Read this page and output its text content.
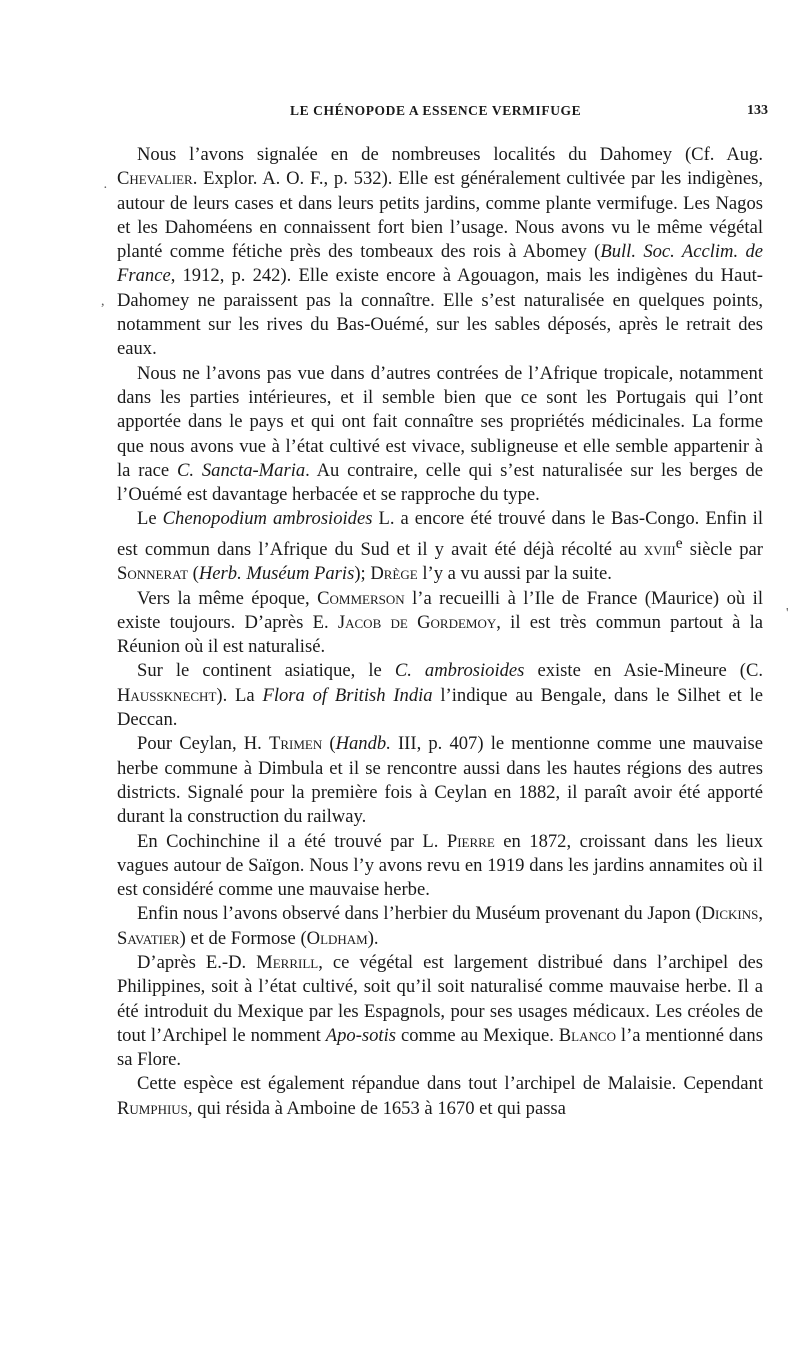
LE CHÉNOPODE A ESSENCE VERMIFUGE	133

Nous l’avons signalée en de nombreuses localités du Dahomey (Cf. Aug. Chevalier. Explor. A. O. F., p. 532). Elle est généralement cultivée par les indigènes, autour de leurs cases et dans leurs petits jardins, comme plante vermifuge. Les Nagos et les Dahoméens en connaissent fort bien l’usage. Nous avons vu le même végétal planté comme fétiche près des tombeaux des rois à Abomey (Bull. Soc. Acclim. de France, 1912, p. 242). Elle existe encore à Agouagon, mais les indigènes du Haut-Dahomey ne paraissent pas la connaître. Elle s’est naturalisée en quelques points, notamment sur les rives du Bas-Ouémé, sur les sables déposés, après le retrait des eaux.

Nous ne l’avons pas vue dans d’autres contrées de l’Afrique tropicale, notamment dans les parties intérieures, et il semble bien que ce sont les Portugais qui l’ont apportée dans le pays et qui ont fait connaître ses propriétés médicinales. La forme que nous avons vue à l’état cultivé est vivace, subligneuse et elle semble appartenir à la race C. Sancta-Maria. Au contraire, celle qui s’est naturalisée sur les berges de l’Ouémé est davantage herbacée et se rapproche du type.

Le Chenopodium ambrosioides L. a encore été trouvé dans le Bas-Congo. Enfin il est commun dans l’Afrique du Sud et il y avait été déjà récolté au xviii$^e$ siècle par Sonnerat (Herb. Muséum Paris); Drège l’y a vu aussi par la suite.

Vers la même époque, Commerson l’a recueilli à l’Ile de France (Maurice) où il existe toujours. D’après E. Jacob de Gordemoy, il est très commun partout à la Réunion où il est naturalisé.

Sur le continent asiatique, le C. ambrosioides existe en Asie-Mineure (C. Haussknecht). La Flora of British India l’indique au Bengale, dans le Silhet et le Deccan.

Pour Ceylan, H. Trimen (Handb. III, p. 407) le mentionne comme une mauvaise herbe commune à Dimbula et il se rencontre aussi dans les hautes régions des autres districts. Signalé pour la première fois à Ceylan en 1882, il paraît avoir été apporté durant la construction du railway.

En Cochinchine il a été trouvé par L. Pierre en 1872, croissant dans les lieux vagues autour de Saïgon. Nous l’y avons revu en 1919 dans les jardins annamites où il est considéré comme une mauvaise herbe.

Enfin nous l’avons observé dans l’herbier du Muséum provenant du Japon (Dickins, Savatier) et de Formose (Oldham).

D’après E.-D. Merrill, ce végétal est largement distribué dans l’archipel des Philippines, soit à l’état cultivé, soit qu’il soit naturalisé comme mauvaise herbe. Il a été introduit du Mexique par les Espagnols, pour ses usages médicaux. Les créoles de tout l’Archipel le nomment Apo-sotis comme au Mexique. Blanco l’a mentionné dans sa Flore.

Cette espèce est également répandue dans tout l’archipel de Malaisie. Cependant Rumphius, qui résida à Amboine de 1653 à 1670 et qui passa

·
,
'
